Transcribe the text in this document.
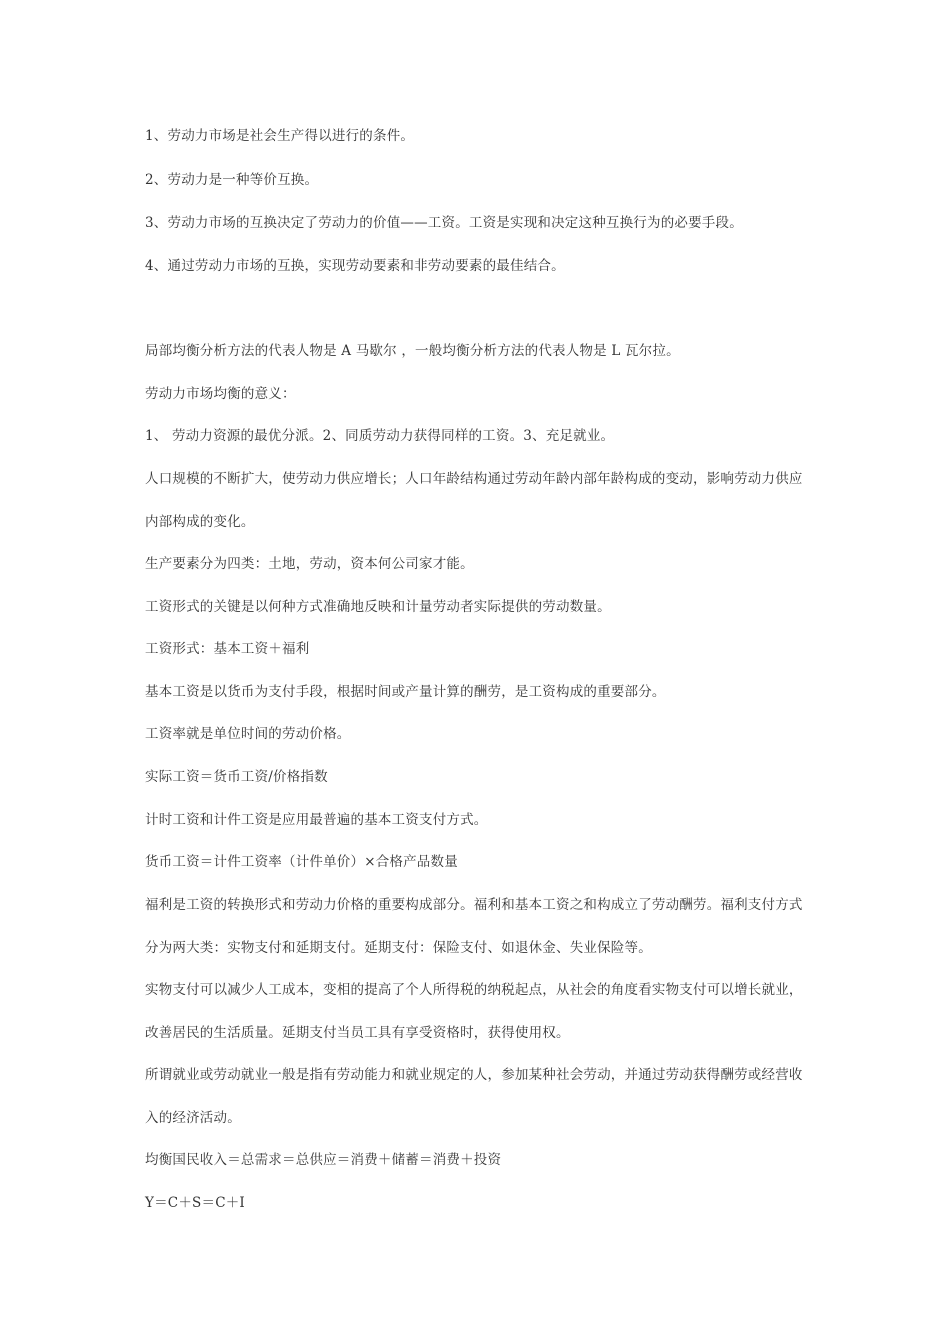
1、劳动力市场是社会生产得以进行的条件。

2、劳动力是一种等价互换。

3、劳动力市场的互换决定了劳动力的价值——工资。工资是实现和决定这种互换行为的必要手段。

4、通过劳动力市场的互换，实现劳动要素和非劳动要素的最佳结合。

局部均衡分析方法的代表人物是 A 马歇尔 ，一般均衡分析方法的代表人物是 L 瓦尔拉。

劳动力市场均衡的意义：

1、 劳动力资源的最优分派。2、同质劳动力获得同样的工资。3、充足就业。

人口规模的不断扩大，使劳动力供应增长；人口年龄结构通过劳动年龄内部年龄构成的变动，影响劳动力供应内部构成的变化。

生产要素分为四类：土地，劳动，资本何公司家才能。

工资形式的关键是以何种方式准确地反映和计量劳动者实际提供的劳动数量。

工资形式：基本工资＋福利

基本工资是以货币为支付手段，根据时间或产量计算的酬劳，是工资构成的重要部分。

工资率就是单位时间的劳动价格。

实际工资＝货币工资/价格指数

计时工资和计件工资是应用最普遍的基本工资支付方式。

货币工资＝计件工资率（计件单价）×合格产品数量

福利是工资的转换形式和劳动力价格的重要构成部分。福利和基本工资之和构成立了劳动酬劳。福利支付方式分为两大类：实物支付和延期支付。延期支付：保险支付、如退休金、失业保险等。

实物支付可以减少人工成本，变相的提高了个人所得税的纳税起点，从社会的角度看实物支付可以增长就业，改善居民的生活质量。延期支付当员工具有享受资格时，获得使用权。

所谓就业或劳动就业一般是指有劳动能力和就业规定的人，参加某种社会劳动，并通过劳动获得酬劳或经营收入的经济活动。

均衡国民收入＝总需求＝总供应＝消费＋储蓄＝消费＋投资

Y＝C＋S＝C＋I
